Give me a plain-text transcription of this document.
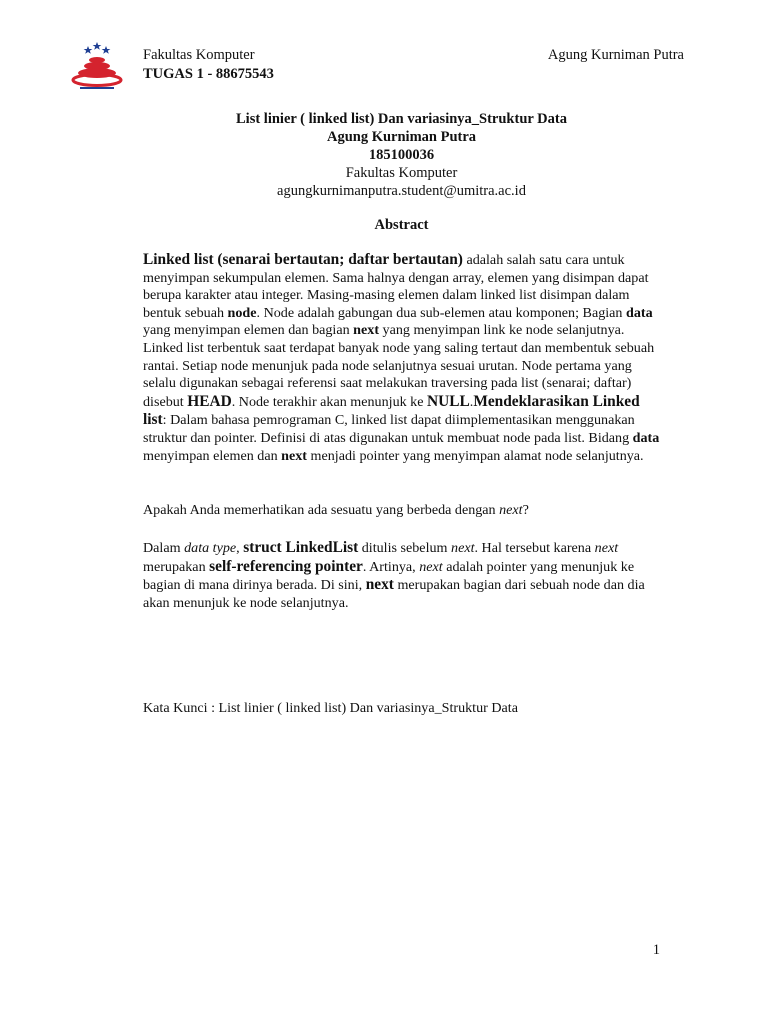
Fakultas Komputer
TUGAS 1 - 88675543
Agung Kurniman Putra
List linier ( linked list) Dan variasinya_Struktur Data
Agung Kurniman Putra
185100036
Fakultas Komputer
agungkurnimanputra.student@umitra.ac.id
Abstract
Linked list (senarai bertautan; daftar bertautan) adalah salah satu cara untuk menyimpan sekumpulan elemen. Sama halnya dengan array, elemen yang disimpan dapat berupa karakter atau integer. Masing-masing elemen dalam linked list disimpan dalam bentuk sebuah node. Node adalah gabungan dua sub-elemen atau komponen; Bagian data yang menyimpan elemen dan bagian next yang menyimpan link ke node selanjutnya. Linked list terbentuk saat terdapat banyak node yang saling tertaut dan membentuk sebuah rantai. Setiap node menunjuk pada node selanjutnya sesuai urutan. Node pertama yang selalu digunakan sebagai referensi saat melakukan traversing pada list (senarai; daftar) disebut HEAD. Node terakhir akan menunjuk ke NULL.Mendeklarasikan Linked list: Dalam bahasa pemrograman C, linked list dapat diimplementasikan menggunakan struktur dan pointer. Definisi di atas digunakan untuk membuat node pada list. Bidang data menyimpan elemen dan next menjadi pointer yang menyimpan alamat node selanjutnya.
Apakah Anda memerhatikan ada sesuatu yang berbeda dengan next?
Dalam data type, struct LinkedList ditulis sebelum next. Hal tersebut karena next merupakan self-referencing pointer. Artinya, next adalah pointer yang menunjuk ke bagian di mana dirinya berada. Di sini, next merupakan bagian dari sebuah node dan dia akan menunjuk ke node selanjutnya.
Kata Kunci : List linier ( linked list) Dan variasinya_Struktur Data
1
